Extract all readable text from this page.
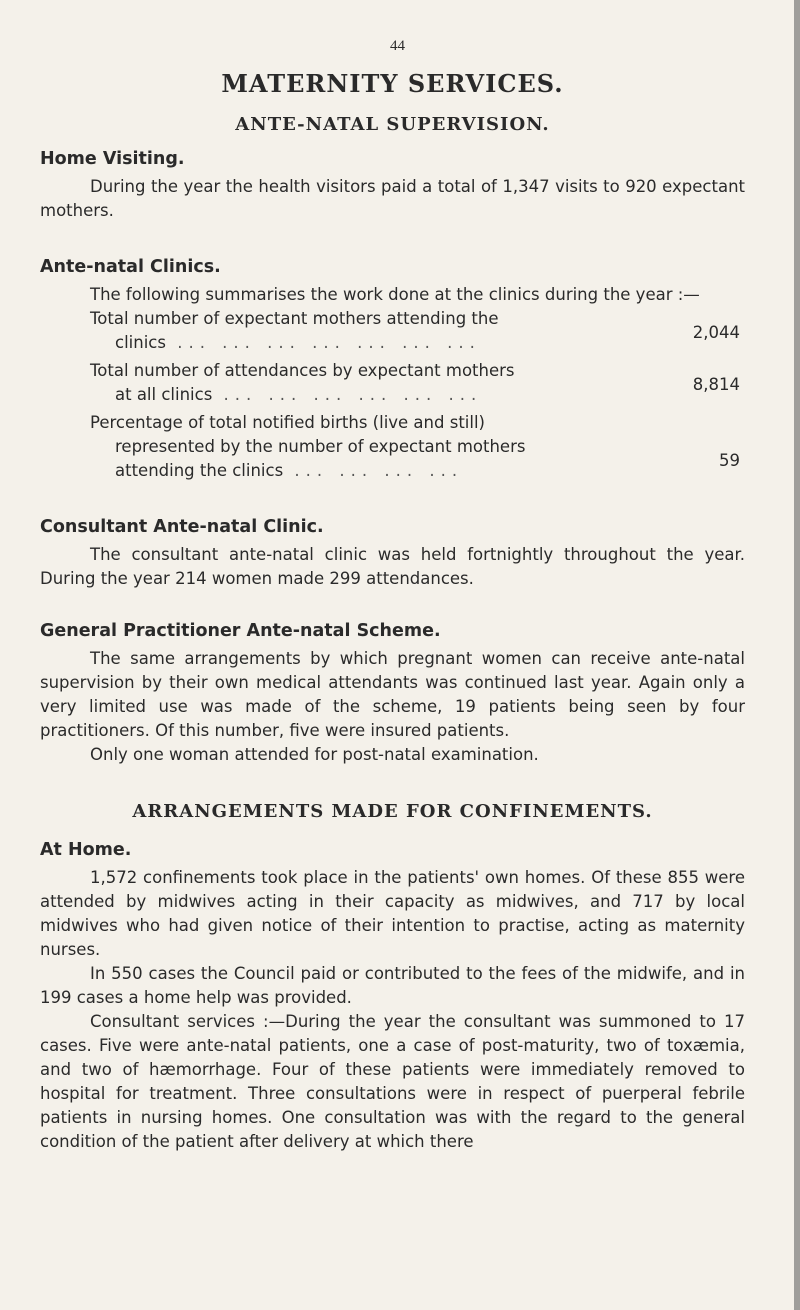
44
MATERNITY SERVICES.
ANTE-NATAL SUPERVISION.
Home Visiting.

During the year the health visitors paid a total of 1,347 visits to 920 expectant mothers.

Ante-natal Clinics.

The following summarises the work done at the clinics during the year :—

Total number of expectant mothers attending the
clinics ... ... ... ... ... ... ...
2,044
Total number of attendances by expectant mothers
at all clinics ... ... ... ... ... ...
8,814
Percentage of total notified births (live and still)
represented by the number of expectant mothers
attending the clinics ... ... ... ...
59
Consultant Ante-natal Clinic.

The consultant ante-natal clinic was held fortnightly throughout the year. During the year 214 women made 299 attendances.

General Practitioner Ante-natal Scheme.

The same arrangements by which pregnant women can receive ante-natal supervision by their own medical attendants was continued last year. Again only a very limited use was made of the scheme, 19 patients being seen by four practitioners. Of this number, five were insured patients.

Only one woman attended for post-natal examination.

ARRANGEMENTS MADE FOR CONFINEMENTS.
At Home.

1,572 confinements took place in the patients' own homes. Of these 855 were attended by midwives acting in their capacity as midwives, and 717 by local midwives who had given notice of their intention to practise, acting as maternity nurses.

In 550 cases the Council paid or contributed to the fees of the midwife, and in 199 cases a home help was provided.

Consultant services :—During the year the consultant was summoned to 17 cases. Five were ante-natal patients, one a case of post-maturity, two of toxæmia, and two of hæmorrhage. Four of these patients were immediately removed to hospital for treatment. Three consultations were in respect of puerperal febrile patients in nursing homes. One consultation was with the regard to the general condition of the patient after delivery at which there
